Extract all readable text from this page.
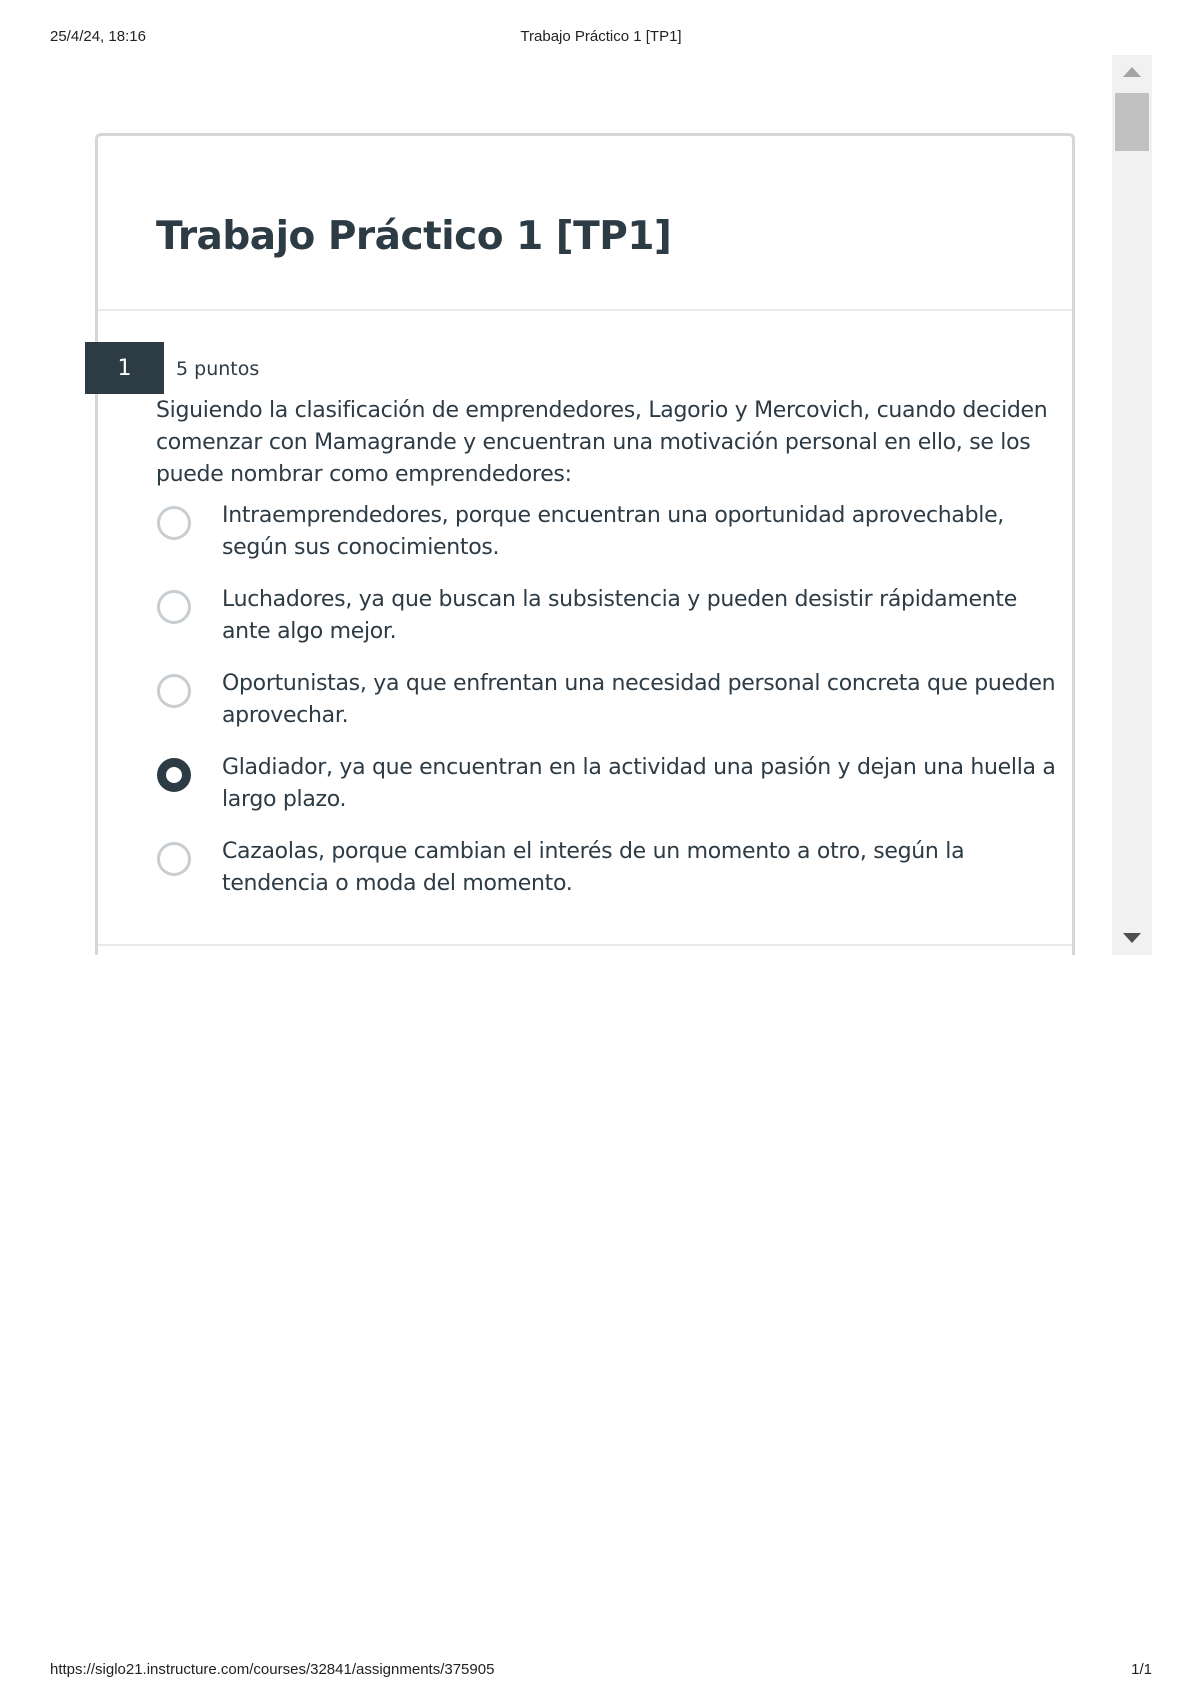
25/4/24, 18:16	Trabajo Práctico 1 [TP1]
Trabajo Práctico 1 [TP1]
1	5 puntos
Siguiendo la clasificación de emprendedores, Lagorio y Mercovich, cuando deciden comenzar con Mamagrande y encuentran una motivación personal en ello, se los puede nombrar como emprendedores:
Intraemprendedores, porque encuentran una oportunidad aprovechable, según sus conocimientos.
Luchadores, ya que buscan la subsistencia y pueden desistir rápidamente ante algo mejor.
Oportunistas, ya que enfrentan una necesidad personal concreta que pueden aprovechar.
Gladiador, ya que encuentran en la actividad una pasión y dejan una huella a largo plazo.
Cazaolas, porque cambian el interés de un momento a otro, según la tendencia o moda del momento.
https://siglo21.instructure.com/courses/32841/assignments/375905	1/1
